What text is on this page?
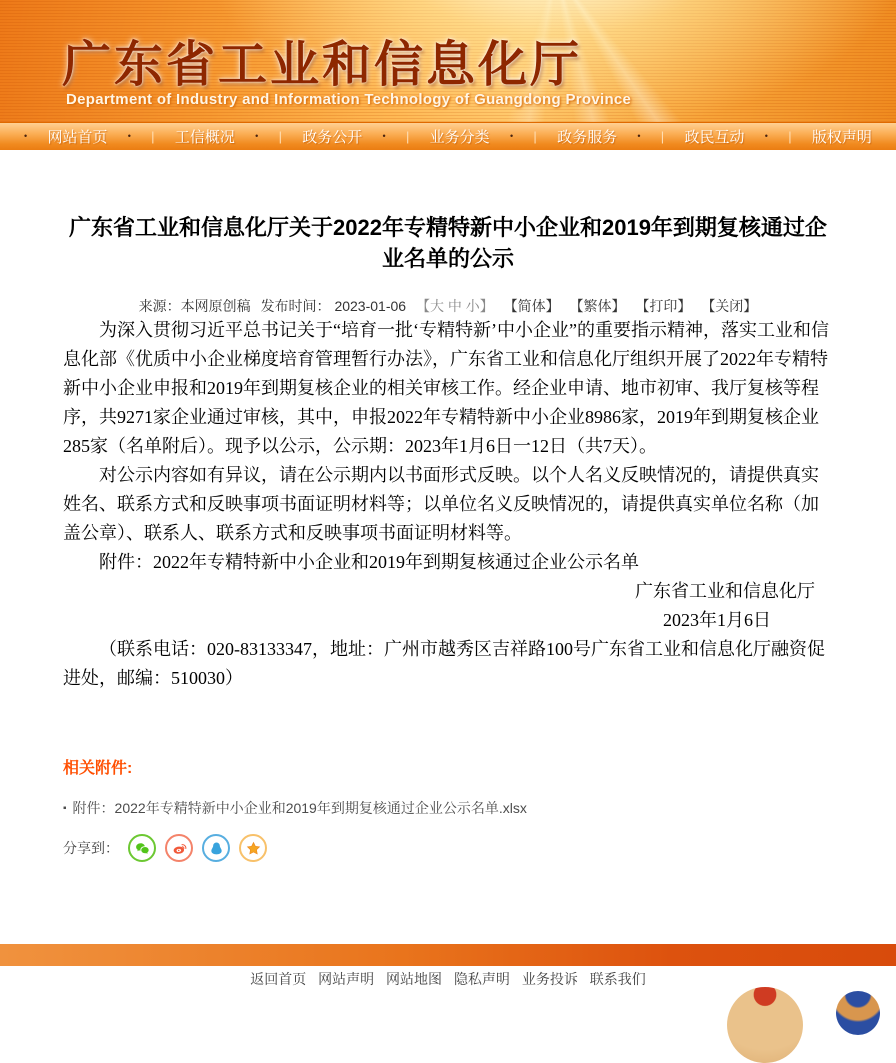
广东省工业和信息化厅
Department of Industry and Information Technology of Guangdong Province
• 网站首页 • | 工信概况 • | 政务公开 • | 业务分类 • | 政务服务 • | 政民互动 • | 版权声明
广东省工业和信息化厅关于2022年专精特新中小企业和2019年到期复核通过企业名单的公示
来源：本网原创稿 发布时间： 2023-01-06 【大 中 小】 【简体】 【繁体】 【打印】 【关闭】

为深入贯彻习近平总书记关于“培育一批‘专精特新’中小企业”的重要指示精神，落实工业和信息化部《优质中小企业梯度培育管理暂行办法》，广东省工业和信息化厅组织开展了2022年专精特新中小企业申报和2019年到期复核企业的相关审核工作。经企业申请、地市初审、我厅复核等程序，共9271家企业通过审核，其中，申报2022年专精特新中小企业8986家，2019年到期复核企业285家（名单附后）。现予以公示，公示期：2023年1月6日一12日（共7天）。

对公示内容如有异议，请在公示期内以书面形式反映。以个人名义反映情况的，请提供真实姓名、联系方式和反映事项书面证明材料等；以单位名义反映情况的，请提供真实单位名称（加盖公章）、联系人、联系方式和反映事项书面证明材料等。

附件：2022年专精特新中小企业和2019年到期复核通过企业公示名单

广东省工业和信息化厅

2023年1月6日

（联系电话：020-83133347，地址：广州市越秀区吉祥路100号广东省工业和信息化厅融资促进处，邮编：510030）

相关附件:
▪ 附件：2022年专精特新中小企业和2019年到期复核通过企业公示名单.xlsx
分享到：
返回首页 网站声明 网站地图 隐私声明 业务投诉 联系我们
